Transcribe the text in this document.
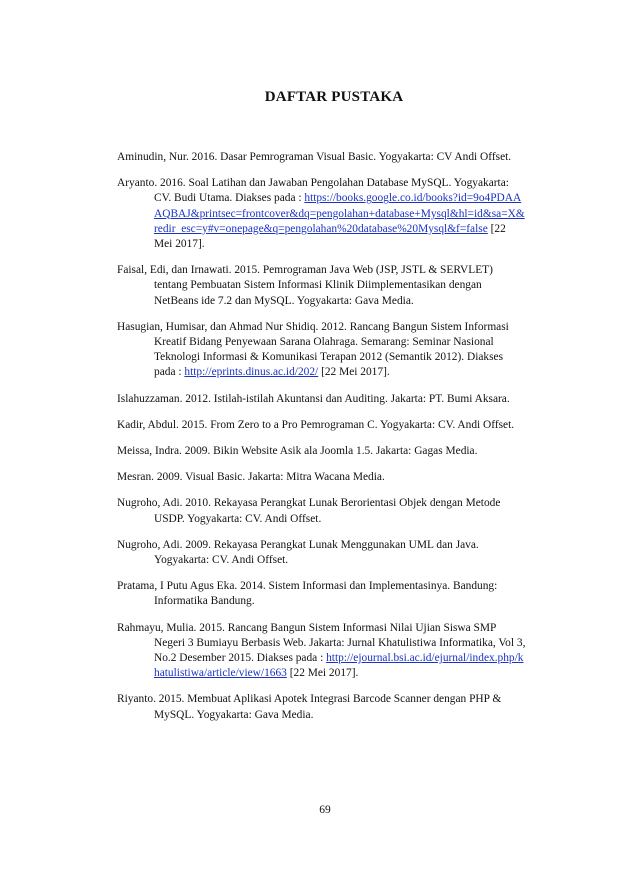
DAFTAR PUSTAKA

Aminudin, Nur. 2016. Dasar Pemrograman Visual Basic. Yogyakarta: CV Andi Offset.

Aryanto. 2016. Soal Latihan dan Jawaban Pengolahan Database MySQL. Yogyakarta: CV. Budi Utama. Diakses pada : https://books.google.co.id/books?id=9o4PDAAAQBAJ&printsec=frontcover&dq=pengolahan+database+Mysql&hl=id&sa=X&redir_esc=y#v=onepage&q=pengolahan%20database%20Mysql&f=false [22 Mei 2017].

Faisal, Edi, dan Irnawati. 2015. Pemrograman Java Web (JSP, JSTL & SERVLET) tentang Pembuatan Sistem Informasi Klinik Diimplementasikan dengan NetBeans ide 7.2 dan MySQL. Yogyakarta: Gava Media.

Hasugian, Humisar, dan Ahmad Nur Shidiq. 2012. Rancang Bangun Sistem Informasi Kreatif Bidang Penyewaan Sarana Olahraga. Semarang: Seminar Nasional Teknologi Informasi & Komunikasi Terapan 2012 (Semantik 2012). Diakses pada : http://eprints.dinus.ac.id/202/ [22 Mei 2017].

Islahuzzaman. 2012. Istilah-istilah Akuntansi dan Auditing. Jakarta: PT. Bumi Aksara.

Kadir, Abdul. 2015. From Zero to a Pro Pemrograman C. Yogyakarta: CV. Andi Offset.

Meissa, Indra. 2009. Bikin Website Asik ala Joomla 1.5. Jakarta: Gagas Media.

Mesran. 2009. Visual Basic. Jakarta: Mitra Wacana Media.

Nugroho, Adi. 2010. Rekayasa Perangkat Lunak Berorientasi Objek dengan Metode USDP. Yogyakarta: CV. Andi Offset.

Nugroho, Adi. 2009. Rekayasa Perangkat Lunak Menggunakan UML dan Java. Yogyakarta: CV. Andi Offset.

Pratama, I Putu Agus Eka. 2014. Sistem Informasi dan Implementasinya. Bandung: Informatika Bandung.

Rahmayu, Mulia. 2015. Rancang Bangun Sistem Informasi Nilai Ujian Siswa SMP Negeri 3 Bumiayu Berbasis Web. Jakarta: Jurnal Khatulistiwa Informatika, Vol 3, No.2 Desember 2015. Diakses pada : http://ejournal.bsi.ac.id/ejurnal/index.php/khatulistiwa/article/view/1663 [22 Mei 2017].

Riyanto. 2015. Membuat Aplikasi Apotek Integrasi Barcode Scanner dengan PHP & MySQL. Yogyakarta: Gava Media.

69
